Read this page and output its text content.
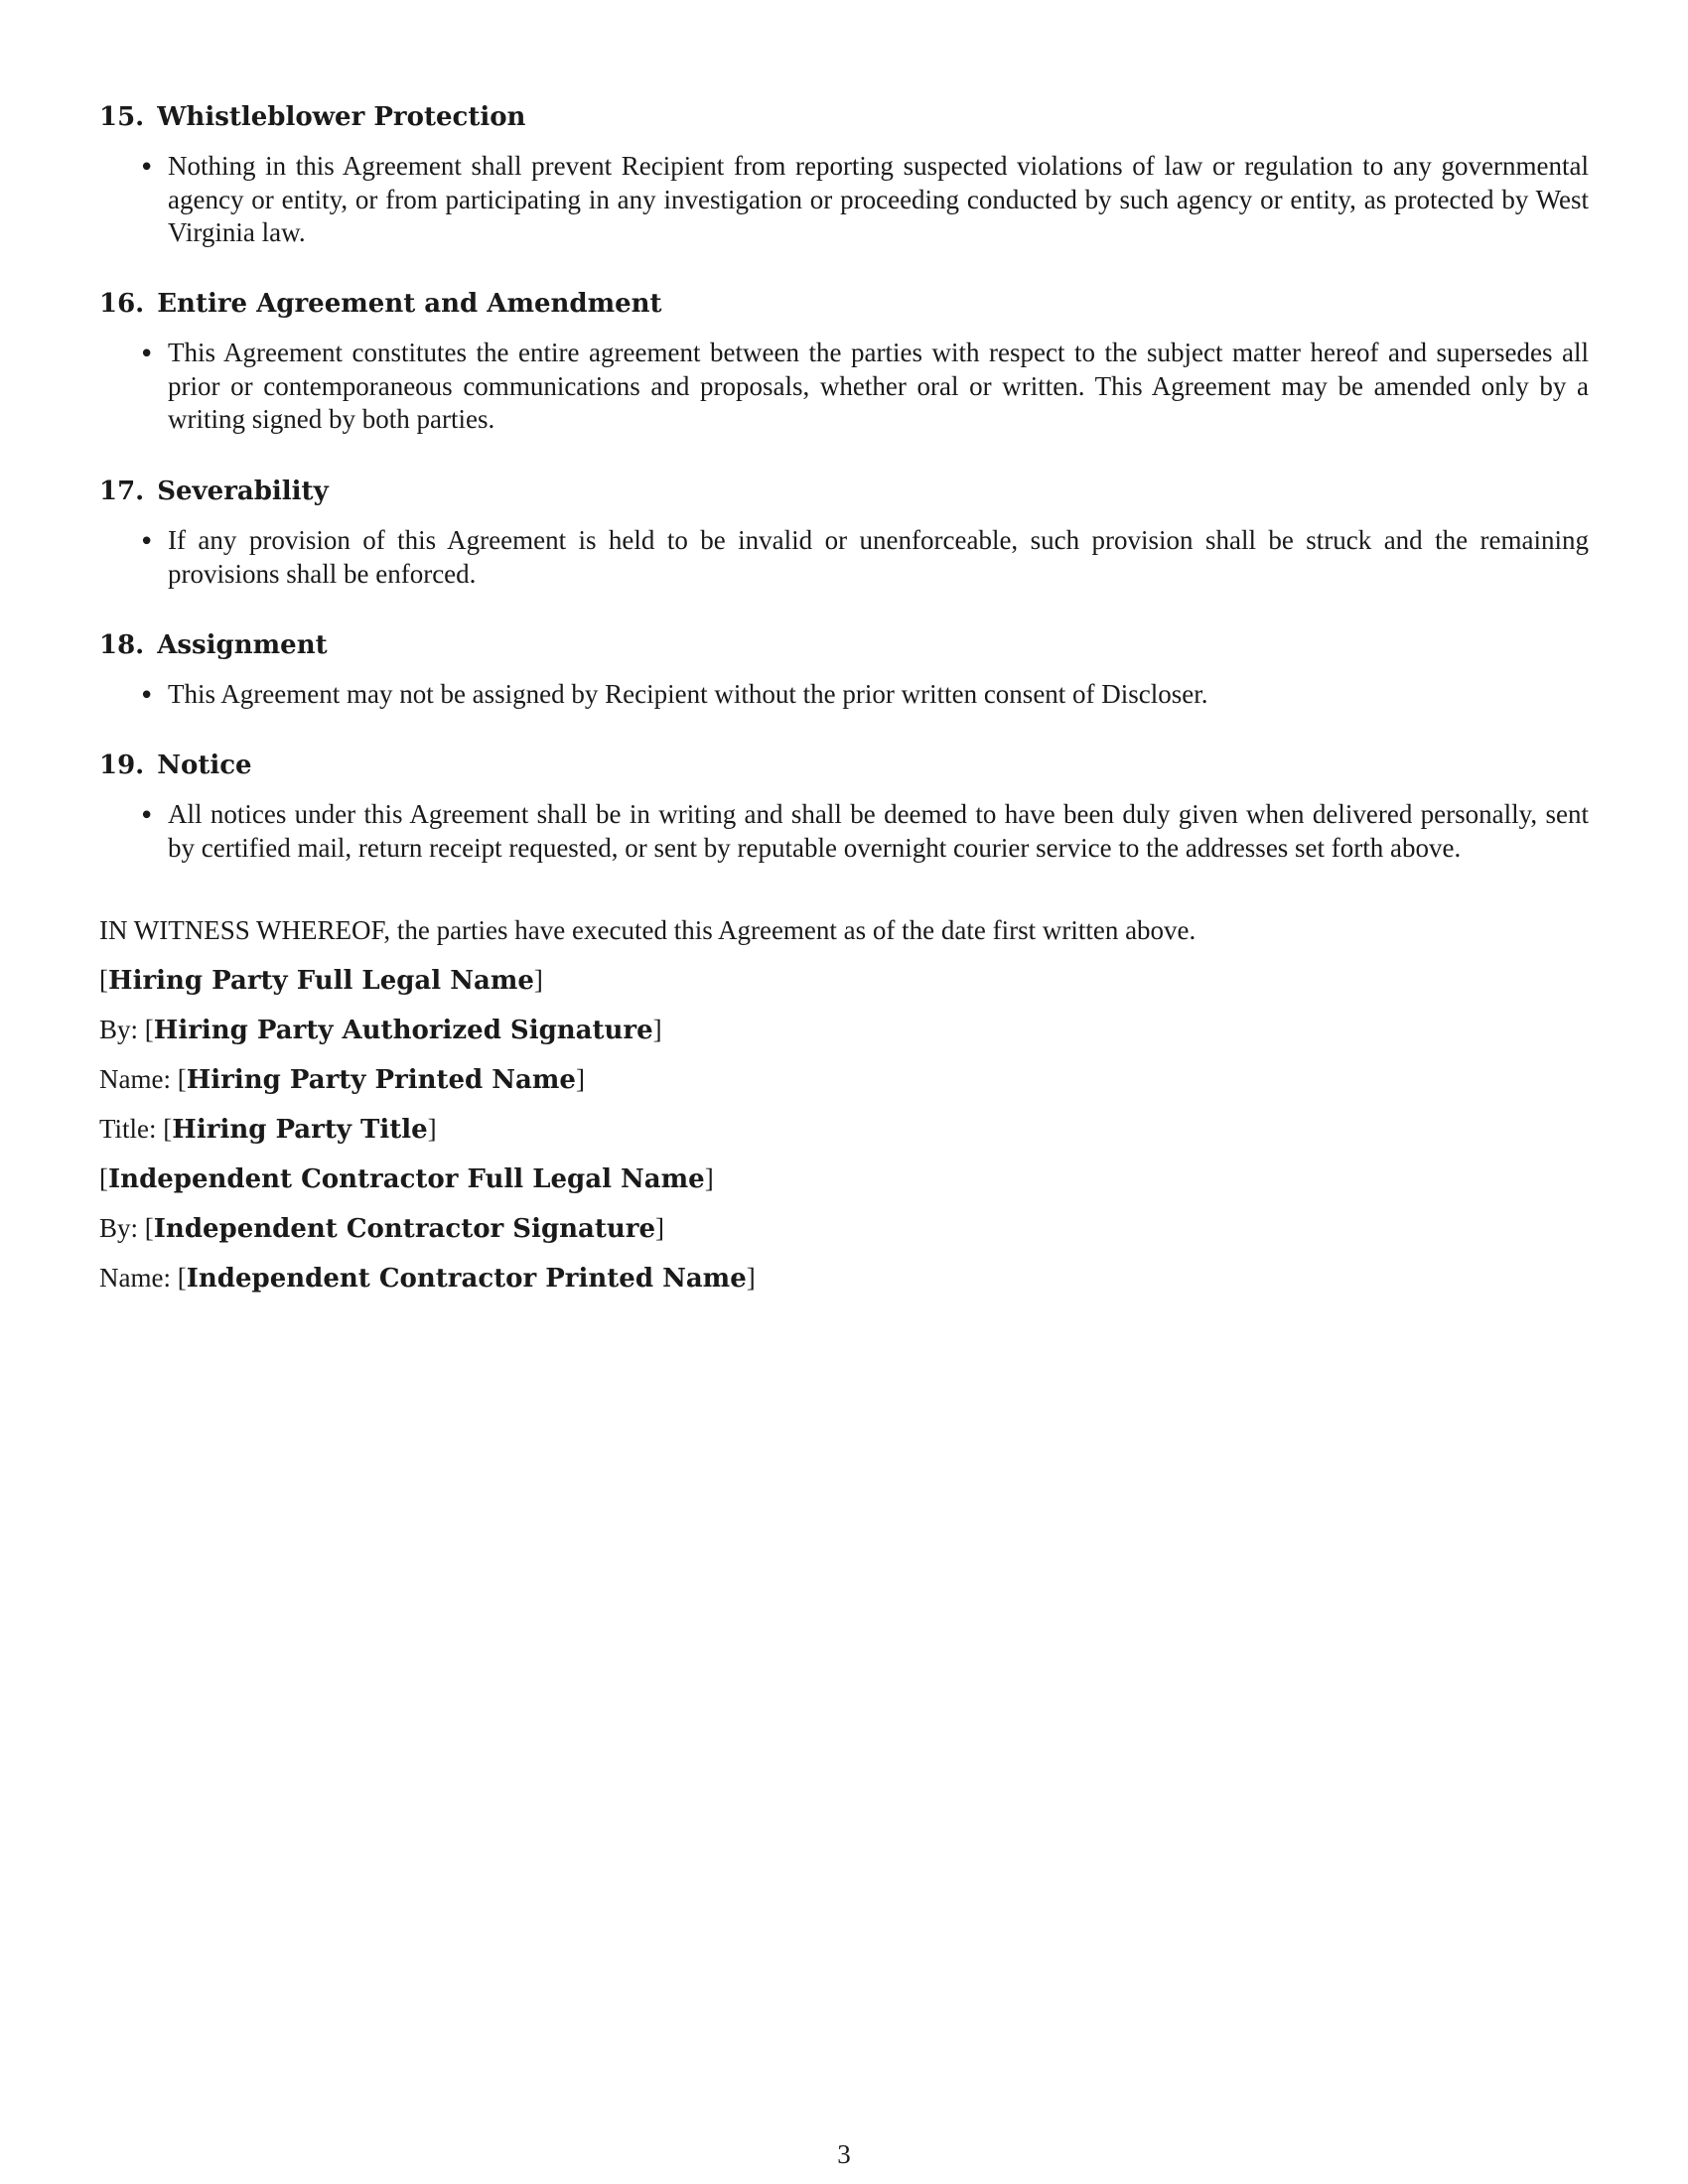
15. Whistleblower Protection
• Nothing in this Agreement shall prevent Recipient from reporting suspected violations of law or regulation to any governmental agency or entity, or from participating in any investigation or proceeding conducted by such agency or entity, as protected by West Virginia law.

16. Entire Agreement and Amendment
• This Agreement constitutes the entire agreement between the parties with respect to the subject matter hereof and supersedes all prior or contemporaneous communications and proposals, whether oral or written. This Agreement may be amended only by a writing signed by both parties.

17. Severability
• If any provision of this Agreement is held to be invalid or unenforceable, such provision shall be struck and the remaining provisions shall be enforced.

18. Assignment
• This Agreement may not be assigned by Recipient without the prior written consent of Discloser.

19. Notice
• All notices under this Agreement shall be in writing and shall be deemed to have been duly given when delivered personally, sent by certified mail, return receipt requested, or sent by reputable overnight courier service to the addresses set forth above.

IN WITNESS WHEREOF, the parties have executed this Agreement as of the date first written above.

[Hiring Party Full Legal Name]

By: [Hiring Party Authorized Signature]

Name: [Hiring Party Printed Name]

Title: [Hiring Party Title]

[Independent Contractor Full Legal Name]

By: [Independent Contractor Signature]

Name: [Independent Contractor Printed Name]

3
